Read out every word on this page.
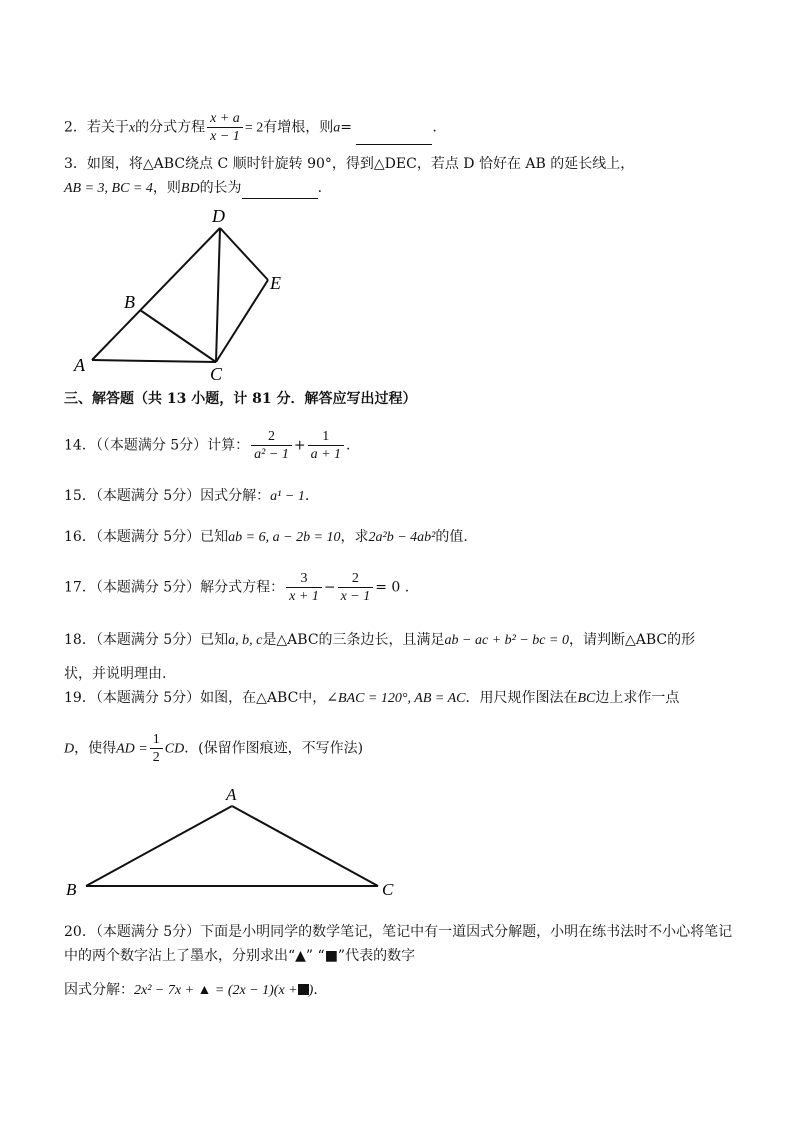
2．若关于x的分式方程 $\frac{x + a}{x - 1} = 2$有增根，则a=	.
3．如图，将△ABC绕点 C 顺时针旋转 90°，得到△DEC，若点 D 恰好在 AB 的延长线上，
AB = 3, BC = 4，则BD的长为	.
A
B
C
D
E
三、解答题（共 13 小题，计 81 分．解答应写出过程）
14．（（本题满分 5分）计算： $\frac{2}{\text{a² − 1}} + \frac{1}{a + 1}$ .
15．（本题满分 5分）因式分解：a¹ − 1.
16．（本题满分 5分）已知ab = 6, a − 2b = 10，求2a²b − 4ab²的值.
17．（本题满分 5分）解分式方程： $\frac{3}{x + 1} - \frac{2}{x - 1} = 0$ .
18．（本题满分 5分）已知a, b, c是△ABC的三条边长，且满足ab − ac + b² − bc = 0，请判断△ABC的形
状，并说明理由.
19．（本题满分 5分）如图，在△ABC中，∠BAC = 120°, AB = AC．用尺规作图法在BC边上求作一点
D，使得AD = $\frac{1}{2}$ CD．(保留作图痕迹，不写作法)
A
B	C
20．（本题满分 5分）下面是小明同学的数学笔记，笔记中有一道因式分解题，小明在练书法时不小心将笔记
中的两个数字沾上了墨水，分别求出“▲” “■”代表的数字
因式分解：2x² − 7x + ▲ = (2x − 1)(x + ).
